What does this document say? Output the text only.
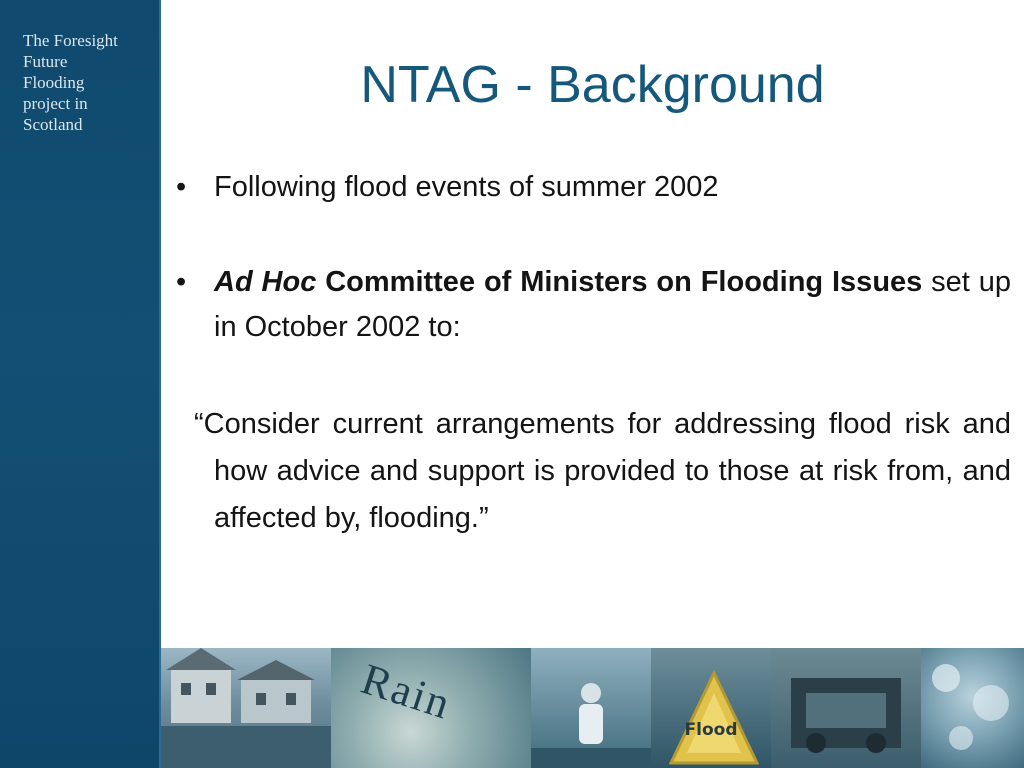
The Foresight
Future
Flooding
project in
Scotland
NTAG - Background
• Following flood events of summer 2002
• Ad Hoc Committee of Ministers on Flooding Issues set up in October 2002 to:
“Consider current arrangements for addressing flood risk and how advice and support is provided to those at risk from, and affected by, flooding.”
Rain
Flood
